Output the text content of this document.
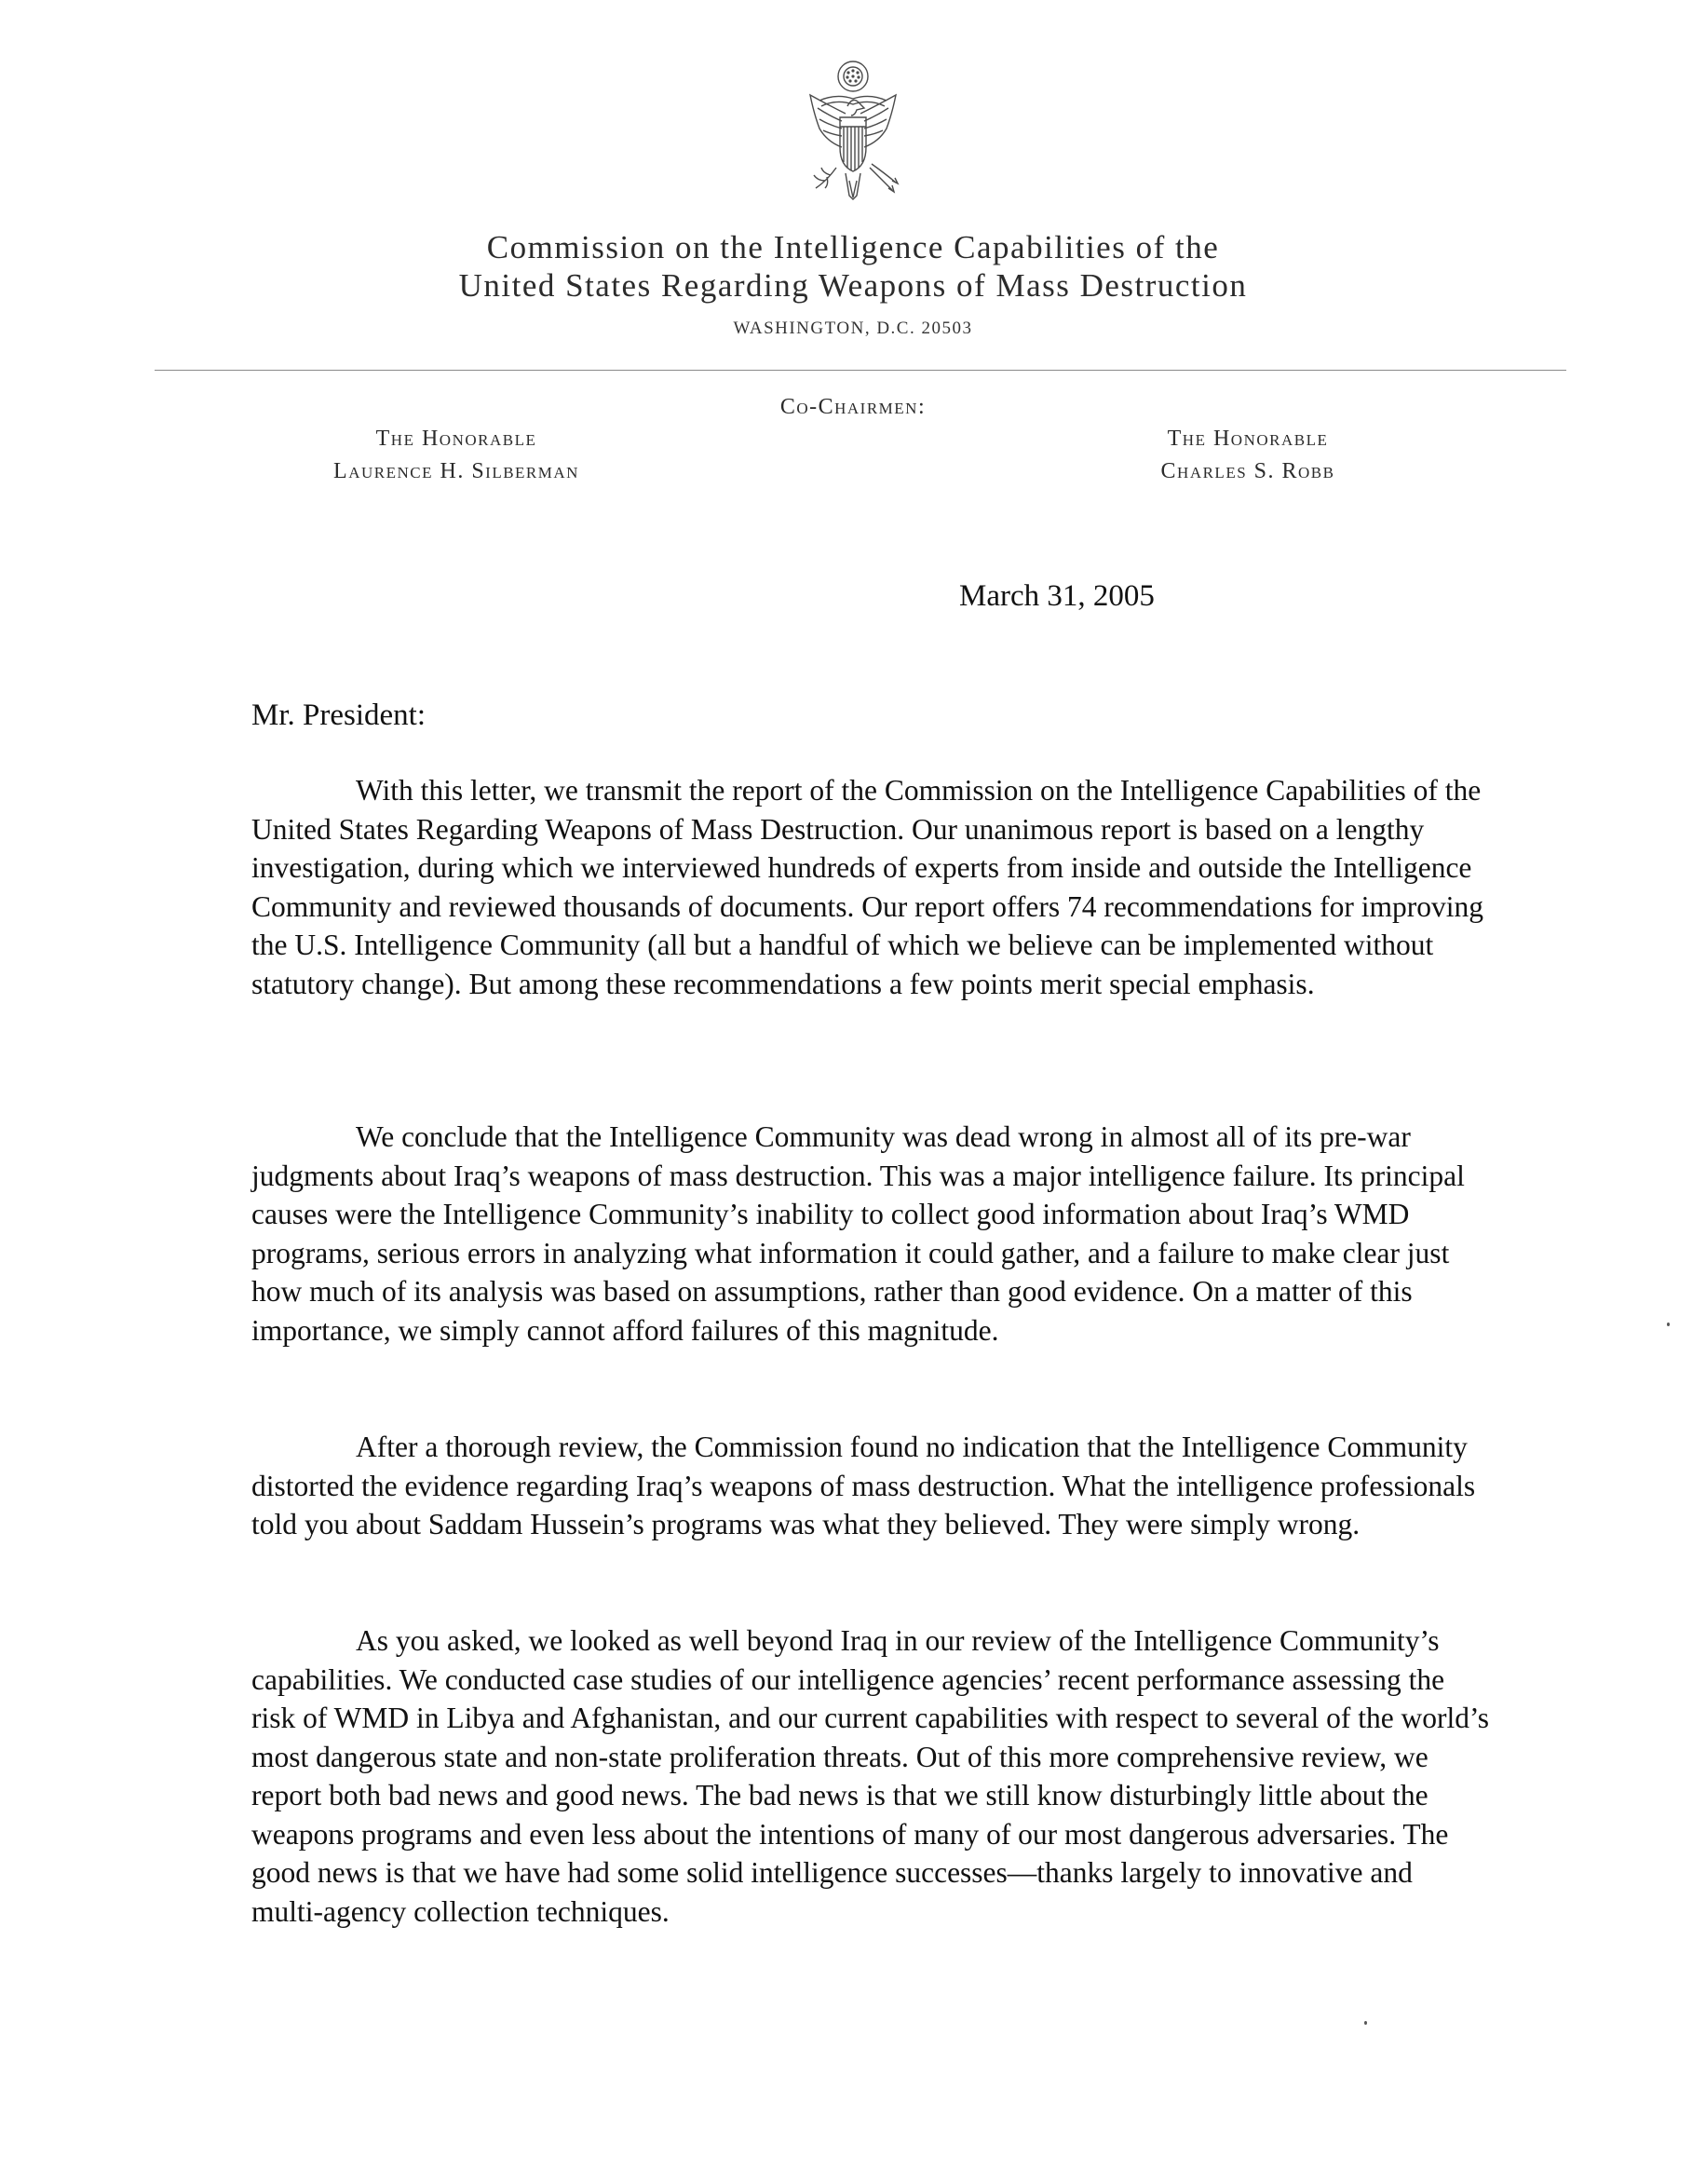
Commission on the Intelligence Capabilities of the
United States Regarding Weapons of Mass Destruction
WASHINGTON, D.C. 20503
Co-Chairmen:
The Honorable
Laurence H. Silberman
The Honorable
Charles S. Robb
March 31, 2005
Mr. President:

With this letter, we transmit the report of the Commission on the Intelligence Capabilities of the United States Regarding Weapons of Mass Destruction. Our unanimous report is based on a lengthy investigation, during which we interviewed hundreds of experts from inside and outside the Intelligence Community and reviewed thousands of documents. Our report offers 74 recommendations for improving the U.S. Intelligence Community (all but a handful of which we believe can be implemented without statutory change). But among these recommendations a few points merit special emphasis.

We conclude that the Intelligence Community was dead wrong in almost all of its pre-war judgments about Iraq’s weapons of mass destruction. This was a major intelligence failure. Its principal causes were the Intelligence Community’s inability to collect good information about Iraq’s WMD programs, serious errors in analyzing what information it could gather, and a failure to make clear just how much of its analysis was based on assumptions, rather than good evidence. On a matter of this importance, we simply cannot afford failures of this magnitude.

After a thorough review, the Commission found no indication that the Intelligence Community distorted the evidence regarding Iraq’s weapons of mass destruction. What the intelligence professionals told you about Saddam Hussein’s programs was what they believed. They were simply wrong.

As you asked, we looked as well beyond Iraq in our review of the Intelligence Community’s capabilities. We conducted case studies of our intelligence agencies’ recent performance assessing the risk of WMD in Libya and Afghanistan, and our current capabilities with respect to several of the world’s most dangerous state and non-state proliferation threats. Out of this more comprehensive review, we report both bad news and good news. The bad news is that we still know disturbingly little about the weapons programs and even less about the intentions of many of our most dangerous adversaries. The good news is that we have had some solid intelligence successes—thanks largely to innovative and multi-agency collection techniques.
